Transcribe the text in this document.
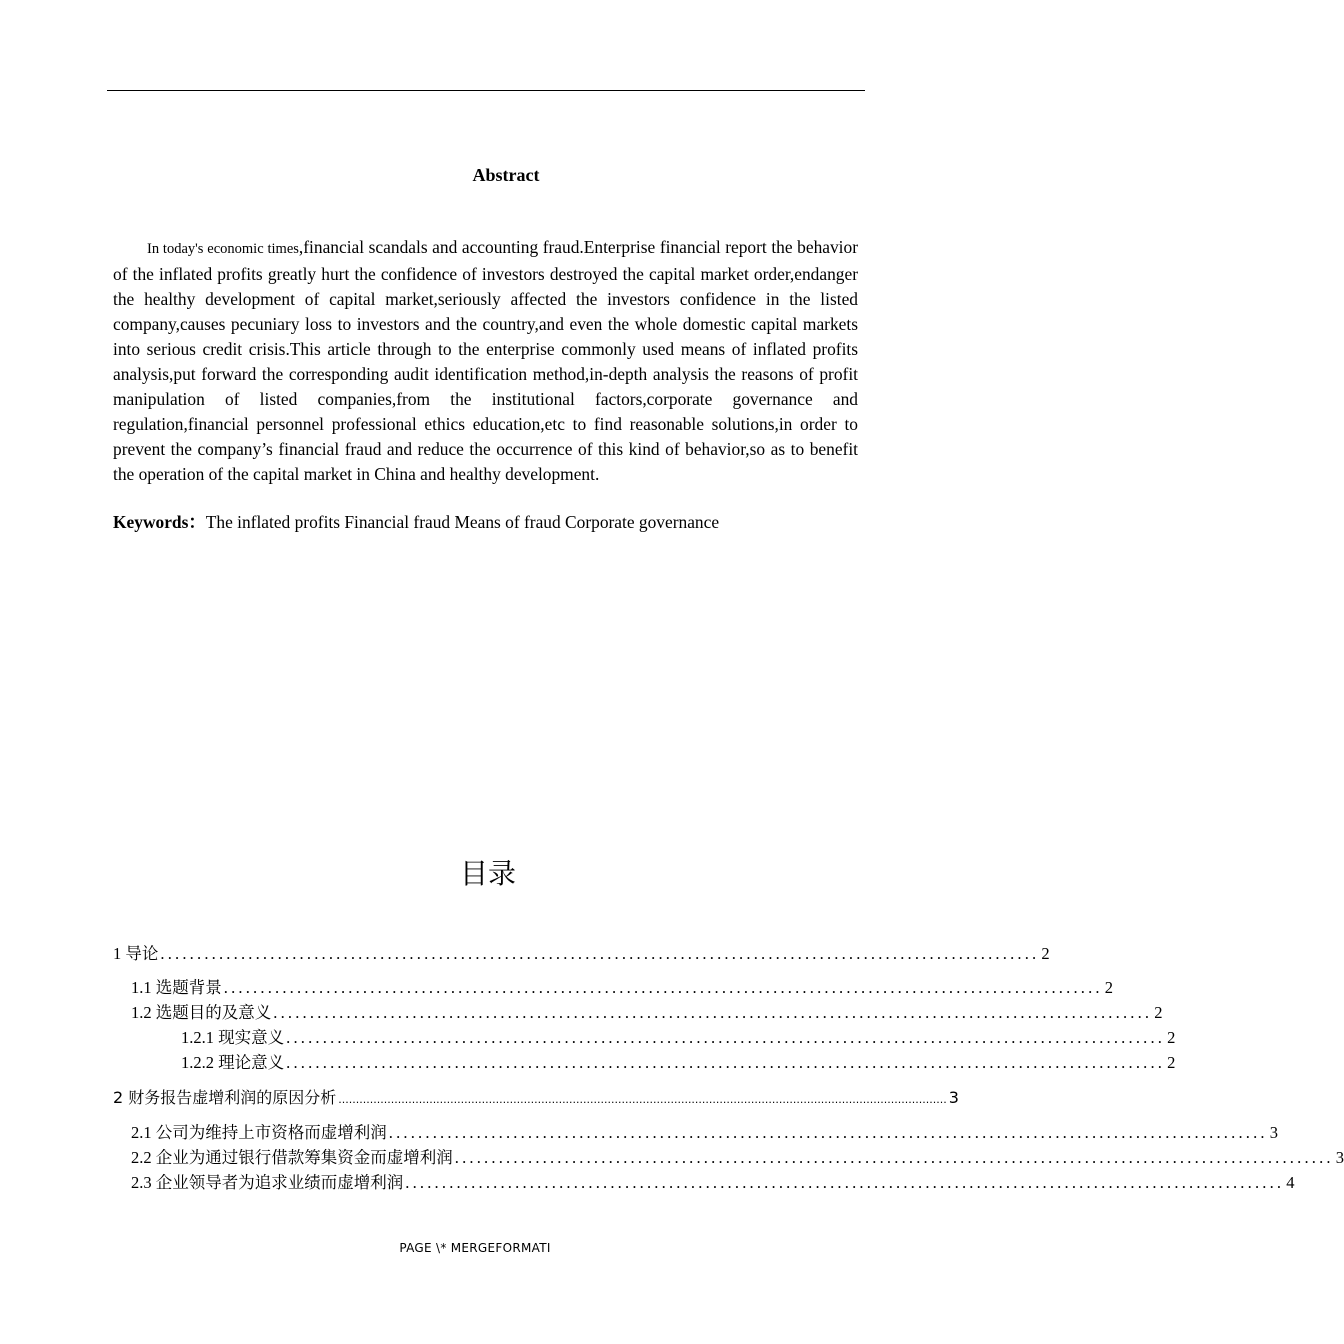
Abstract

In today's economic times,financial scandals and accounting fraud.Enterprise financial report the behavior of the inflated profits greatly hurt the confidence of investors destroyed the capital market order,endanger the healthy development of capital market,seriously affected the investors confidence in the listed company,causes pecuniary loss to investors and the country,and even the whole domestic capital markets into serious credit crisis.This article through to the enterprise commonly used means of inflated profits analysis,put forward the corresponding audit identification method,in-depth analysis the reasons of profit manipulation of listed companies,from the institutional factors,corporate governance and regulation,financial personnel professional ethics education,etc to find reasonable solutions,in order to prevent the company’s financial fraud and reduce the occurrence of this kind of behavior,so as to benefit the operation of the capital market in China and healthy development.

Keywords：The inflated profits Financial fraud Means of fraud Corporate governance
目录
1 导论 ........................................................................................................................ 2
1.1 选题背景 ........................................................................................................................ 2
1.2 选题目的及意义 ........................................................................................................................ 2
1.2.1 现实意义 ........................................................................................................................ 2
1.2.2 理论意义 ........................................................................................................................ 2
2 财务报告虚增利润的原因分析 .............................................................................................................................................................................. 3
2.1 公司为维持上市资格而虚增利润 ........................................................................................................................ 3
2.2 企业为通过银行借款筹集资金而虚增利润 ........................................................................................................................ 3
2.3 企业领导者为追求业绩而虚增利润 ........................................................................................................................ 4
PAGE \* MERGEFORMATI
